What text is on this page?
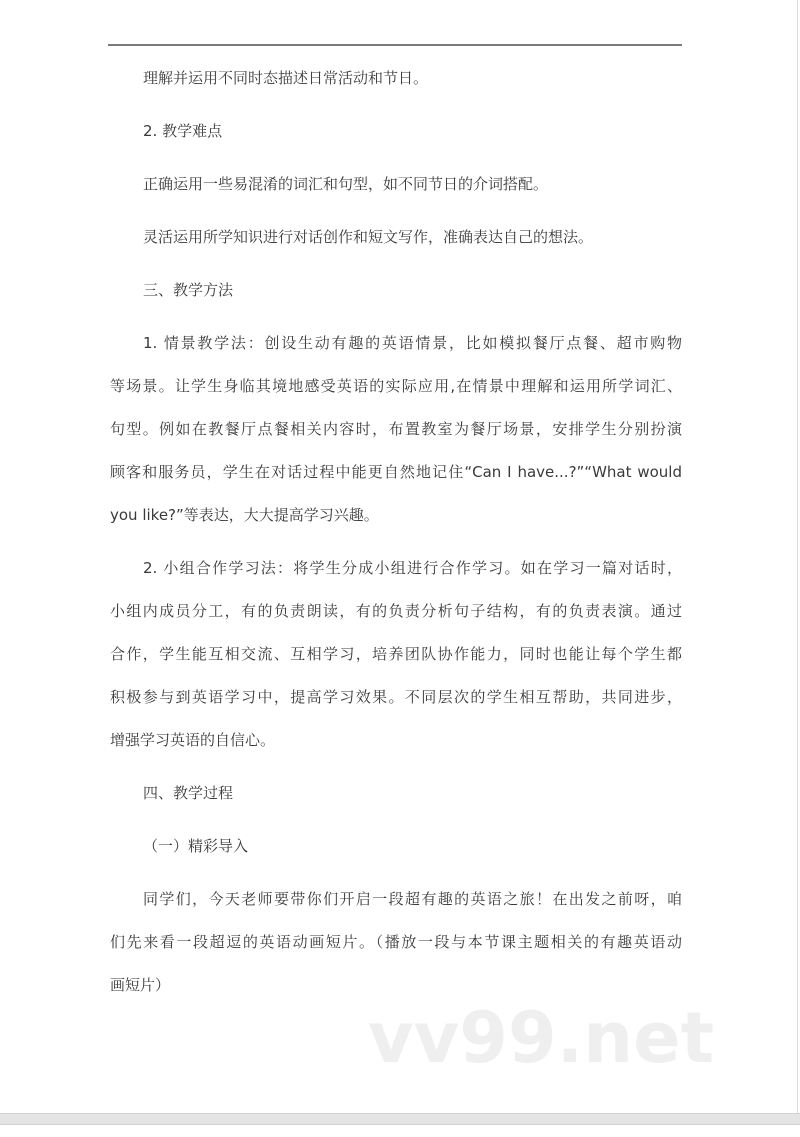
理解并运用不同时态描述日常活动和节日。
2. 教学难点
正确运用一些易混淆的词汇和句型，如不同节日的介词搭配。
灵活运用所学知识进行对话创作和短文写作，准确表达自己的想法。
三、教学方法
1. 情景教学法：创设生动有趣的英语情景，比如模拟餐厅点餐、超市购物
等场景。让学生身临其境地感受英语的实际应用,在情景中理解和运用所学词汇、
句型。例如在教餐厅点餐相关内容时，布置教室为餐厅场景，安排学生分别扮演
顾客和服务员，学生在对话过程中能更自然地记住“Can I have...?”“What would
you like?”等表达，大大提高学习兴趣。
2. 小组合作学习法：将学生分成小组进行合作学习。如在学习一篇对话时，
小组内成员分工，有的负责朗读，有的负责分析句子结构，有的负责表演。通过
合作，学生能互相交流、互相学习，培养团队协作能力，同时也能让每个学生都
积极参与到英语学习中，提高学习效果。不同层次的学生相互帮助，共同进步，
增强学习英语的自信心。
四、教学过程
（一）精彩导入
同学们，今天老师要带你们开启一段超有趣的英语之旅！在出发之前呀，咱
们先来看一段超逗的英语动画短片。（播放一段与本节课主题相关的有趣英语动
画短片）
vv99.net
